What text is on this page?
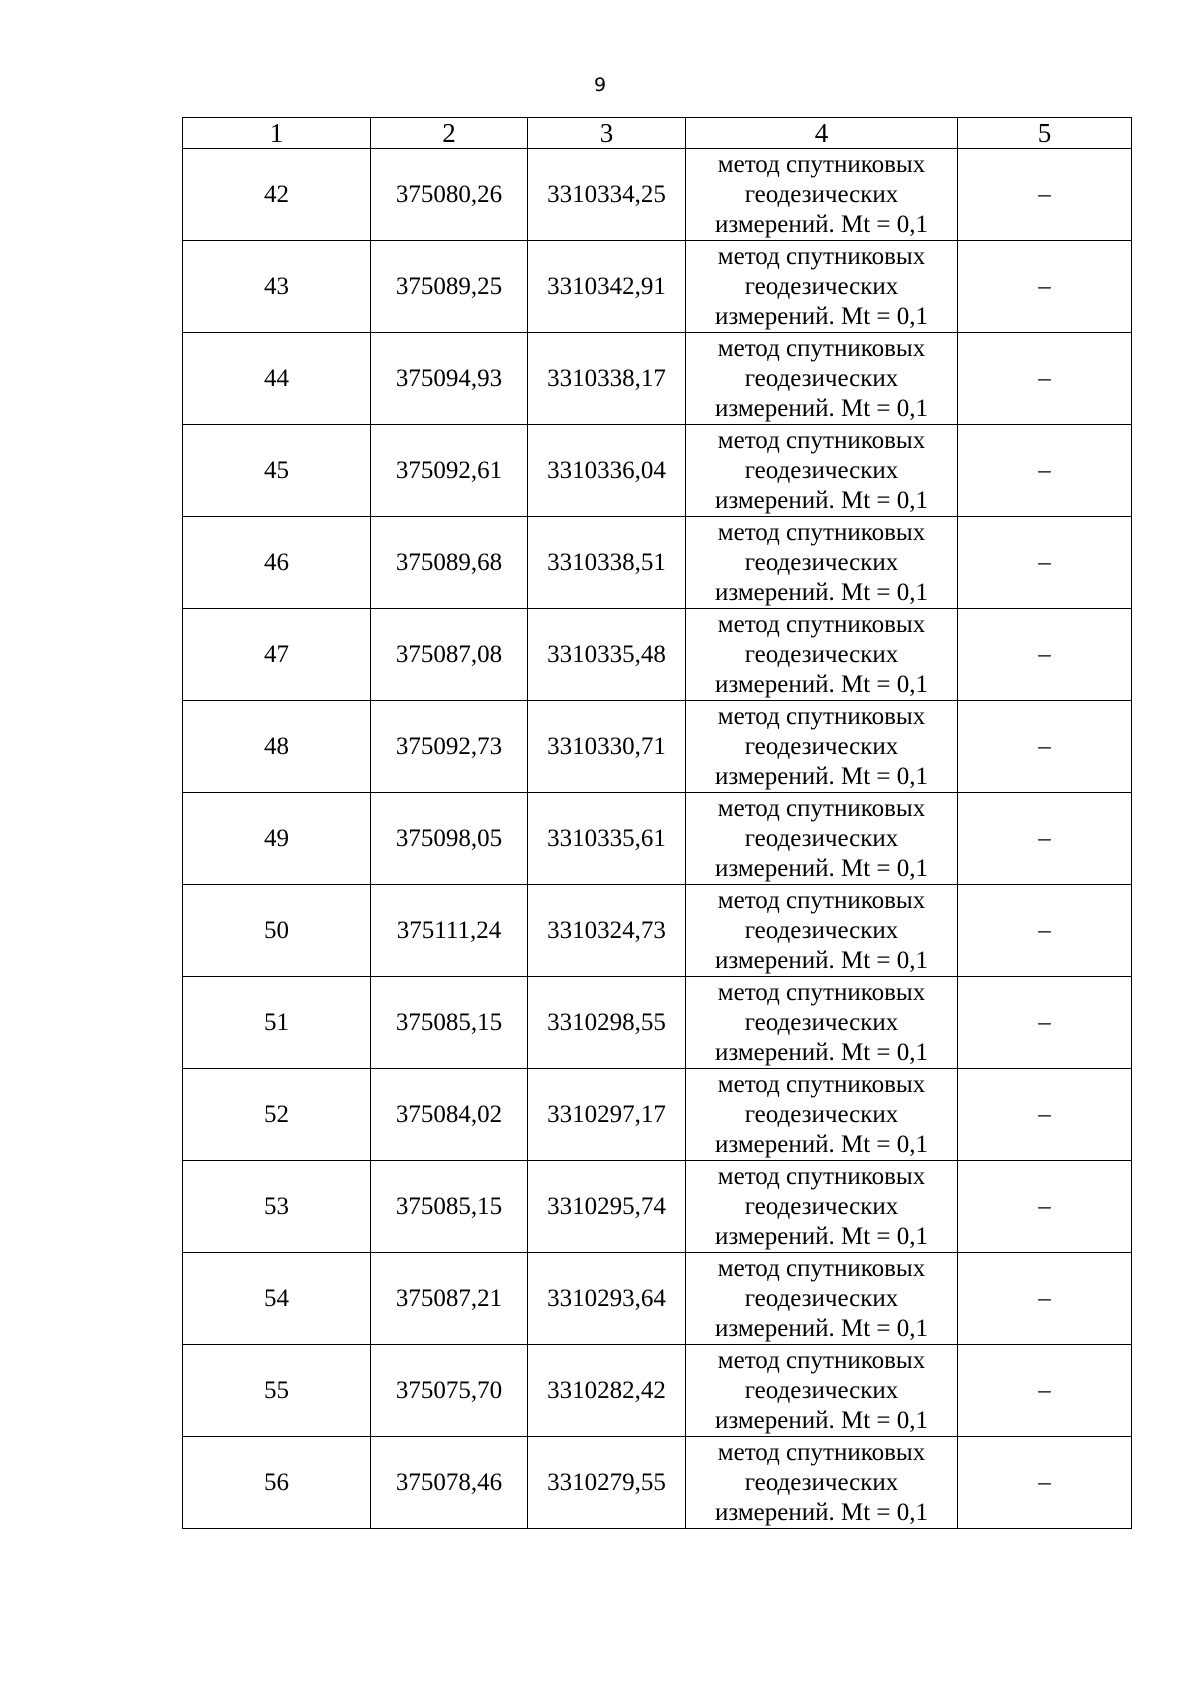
9
1	2	3	4	5
42	375080,26	3310334,25	метод спутниковых
геодезических
измерений. Mt = 0,1	–
43	375089,25	3310342,91	метод спутниковых
геодезических
измерений. Mt = 0,1	–
44	375094,93	3310338,17	метод спутниковых
геодезических
измерений. Mt = 0,1	–
45	375092,61	3310336,04	метод спутниковых
геодезических
измерений. Mt = 0,1	–
46	375089,68	3310338,51	метод спутниковых
геодезических
измерений. Mt = 0,1	–
47	375087,08	3310335,48	метод спутниковых
геодезических
измерений. Mt = 0,1	–
48	375092,73	3310330,71	метод спутниковых
геодезических
измерений. Mt = 0,1	–
49	375098,05	3310335,61	метод спутниковых
геодезических
измерений. Mt = 0,1	–
50	375111,24	3310324,73	метод спутниковых
геодезических
измерений. Mt = 0,1	–
51	375085,15	3310298,55	метод спутниковых
геодезических
измерений. Mt = 0,1	–
52	375084,02	3310297,17	метод спутниковых
геодезических
измерений. Mt = 0,1	–
53	375085,15	3310295,74	метод спутниковых
геодезических
измерений. Mt = 0,1	–
54	375087,21	3310293,64	метод спутниковых
геодезических
измерений. Mt = 0,1	–
55	375075,70	3310282,42	метод спутниковых
геодезических
измерений. Mt = 0,1	–
56	375078,46	3310279,55	метод спутниковых
геодезических
измерений. Mt = 0,1	–
